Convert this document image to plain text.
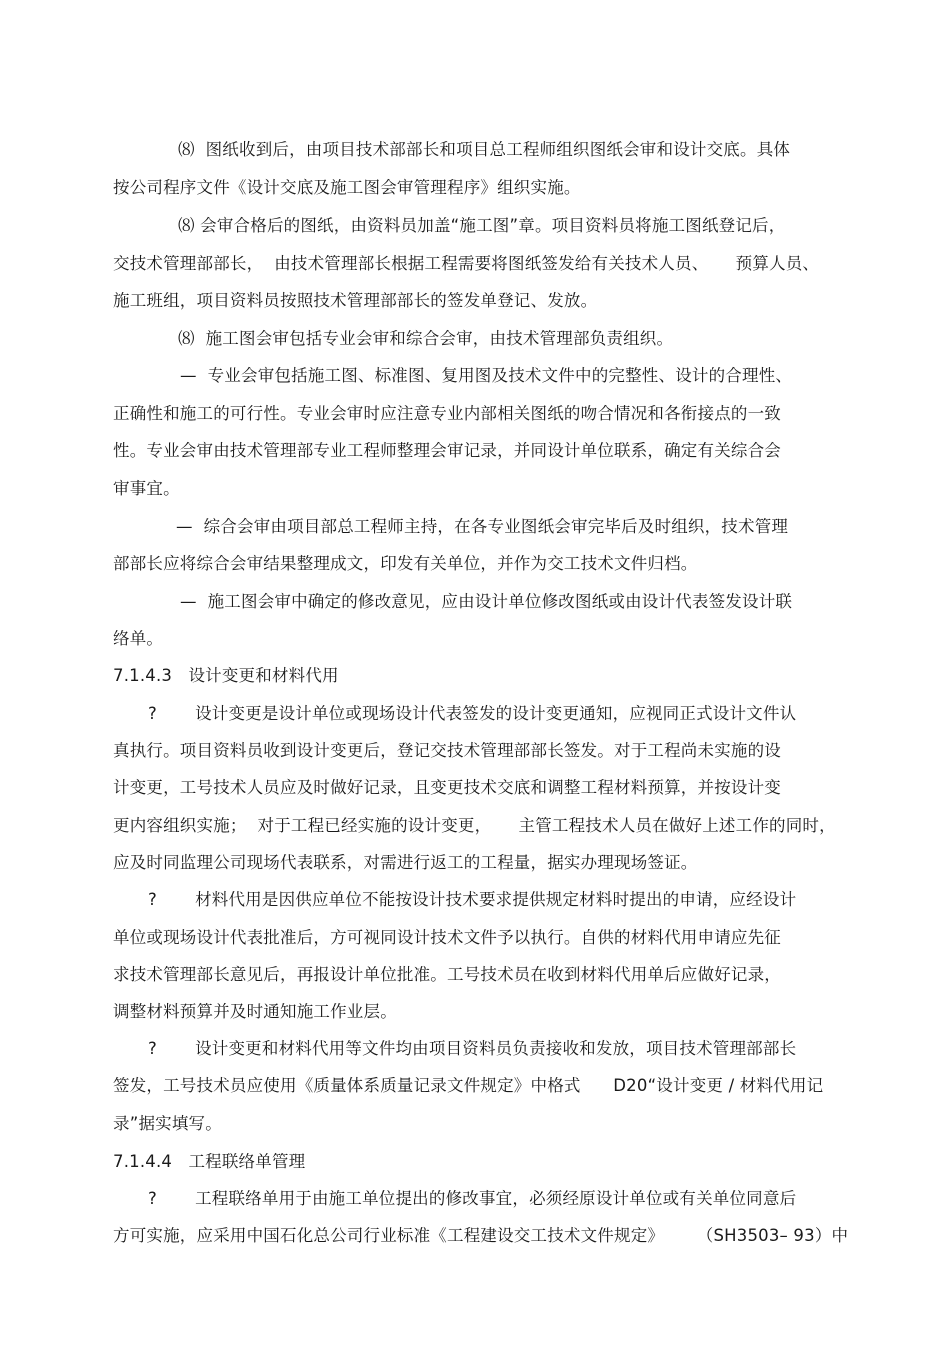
⑻  图纸收到后，由项目技术部部长和项目总工程师组织图纸会审和设计交底。具体
按公司程序文件《设计交底及施工图会审管理程序》组织实施。
⑻ 会审合格后的图纸，由资料员加盖“施工图”章。项目资料员将施工图纸登记后，
交技术管理部部长，  由技术管理部长根据工程需要将图纸签发给有关技术人员、     预算人员、
施工班组，项目资料员按照技术管理部部长的签发单登记、发放。
⑻  施工图会审包括专业会审和综合会审，由技术管理部负责组织。
—  专业会审包括施工图、标准图、复用图及技术文件中的完整性、设计的合理性、
正确性和施工的可行性。专业会审时应注意专业内部相关图纸的吻合情况和各衔接点的一致
性。专业会审由技术管理部专业工程师整理会审记录，并同设计单位联系，确定有关综合会
审事宜。
—  综合会审由项目部总工程师主持，在各专业图纸会审完毕后及时组织，技术管理
部部长应将综合会审结果整理成文，印发有关单位，并作为交工技术文件归档。
—  施工图会审中确定的修改意见，应由设计单位修改图纸或由设计代表签发设计联
络单。
7.1.4.3   设计变更和材料代用
?       设计变更是设计单位或现场设计代表签发的设计变更通知，应视同正式设计文件认
真执行。项目资料员收到设计变更后，登记交技术管理部部长签发。对于工程尚未实施的设
计变更，工号技术人员应及时做好记录，且变更技术交底和调整工程材料预算，并按设计变
更内容组织实施；  对于工程已经实施的设计变更，     主管工程技术人员在做好上述工作的同时，
应及时同监理公司现场代表联系，对需进行返工的工程量，据实办理现场签证。
?       材料代用是因供应单位不能按设计技术要求提供规定材料时提出的申请，应经设计
单位或现场设计代表批准后，方可视同设计技术文件予以执行。自供的材料代用申请应先征
求技术管理部长意见后，再报设计单位批准。工号技术员在收到材料代用单后应做好记录，
调整材料预算并及时通知施工作业层。
?       设计变更和材料代用等文件均由项目资料员负责接收和发放，项目技术管理部部长
签发，工号技术员应使用《质量体系质量记录文件规定》中格式      D20“设计变更 / 材料代用记
录”据实填写。
7.1.4.4   工程联络单管理
?       工程联络单用于由施工单位提出的修改事宜，必须经原设计单位或有关单位同意后
方可实施，应采用中国石化总公司行业标准《工程建设交工技术文件规定》      （SH3503– 93）中
